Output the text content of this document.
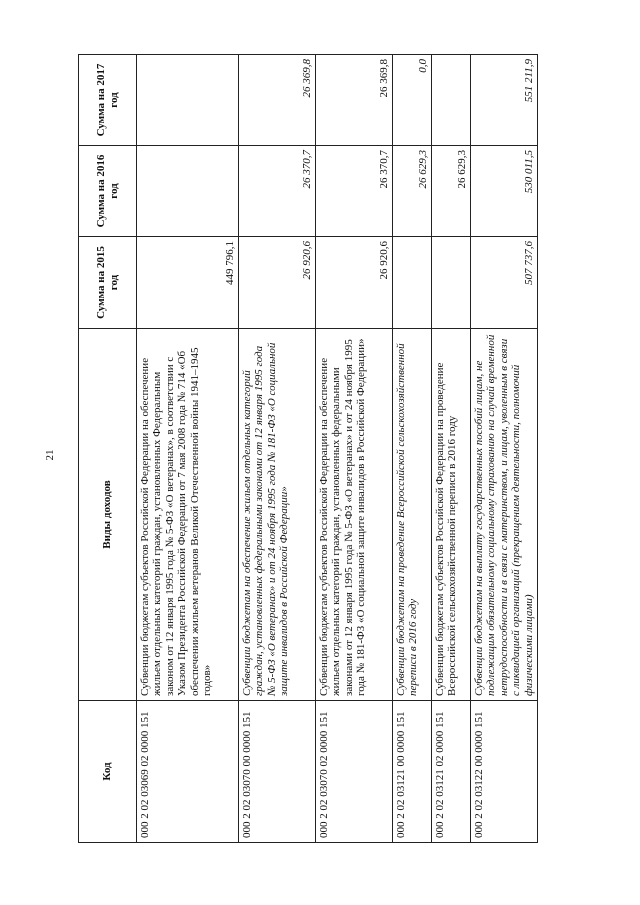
21
Код	Виды доходов	Сумма на 2015 год	Сумма на 2016 год	Сумма на 2017 год
000 2 02 03069 02 0000 151	Субвенции бюджетам субъектов Российской Федерации на обеспечение жильем отдельных категорий граждан, установленных Федеральным законом от 12 января 1995 года № 5-ФЗ «О ветеранах», в соответствии с Указом Президента Российской Федерации от 7 мая 2008 года № 714 «Об обеспечении жильем ветеранов Великой Отечественной войны 1941–1945 годов»	449 796,1		
000 2 02 03070 00 0000 151	Субвенции бюджетам на обеспечение жильем отдельных категорий граждан, установленных федеральными законами от 12 января 1995 года № 5-ФЗ «О ветеранах» и от 24 ноября 1995 года № 181-ФЗ «О социальной защите инвалидов в Российской Федерации»	26 920,6	26 370,7	26 369,8
000 2 02 03070 02 0000 151	Субвенции бюджетам субъектов Российской Федерации на обеспечение жильем отдельных категорий граждан, установленных федеральными законами от 12 января 1995 года № 5-ФЗ «О ветеранах» и от 24 ноября 1995 года № 181-ФЗ «О социальной защите инвалидов в Российской Федерации»	26 920,6	26 370,7	26 369,8
000 2 02 03121 00 0000 151	Субвенции бюджетам на проведение Всероссийской сельскохозяйственной переписи в 2016 году		26 629,3	0,0
000 2 02 03121 02 0000 151	Субвенции бюджетам субъектов Российской Федерации на проведение Всероссийской сельскохозяйственной переписи в 2016 году		26 629,3	
000 2 02 03122 00 0000 151	Субвенции бюджетам на выплату государственных пособий лицам, не подлежащим обязательному социальному страхованию на случай временной нетрудоспособности и в связи с материнством, и лицам, уволенным в связи с ликвидацией организаций (прекращением деятельности, полномочий физическими лицами)	507 737,6	530 011,5	551 211,9
